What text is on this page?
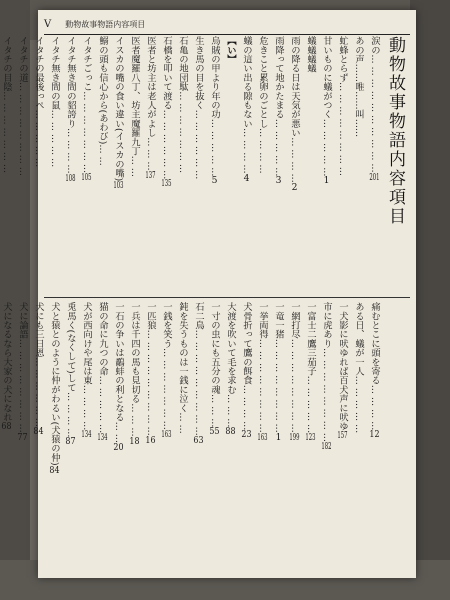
V 動物故事物語内容項目
動物故事物語内容項目
涙の… … … … … … … … … …201
あの声……唯……叫……
虻蜂とらず… … … … … … … …
甘いものに蟻がつく… … … … …1
蟻蟻蟻蟻
雨の降る日は天気が悪い… … … …2
雨降って地かたまる… … … … …3
危きこと累卵のごとし… … … …
蟻の這い出る隙もない… … … …4
【い】
烏賊の甲より年の功… … … … …5
生き馬の目を抜く… … … … … …
石亀の地団駄… … … … … … …
石橋を叩いて渡る… … … … … …135
医者と坊主は老人がよし… … …137
医者魔羅八丁、坊主魔羅九丁… …
イスカの嘴の食い違い(イスカの嘴)103
鰯の頭も信心から(あわび)… …
イタチごっこ… … … … … … …105
イタチ無き間の貂誇り… … … …108
イタチ無き間の鼠… … … … …
イタチの最後っぺ… … … … …
イタチの道… … … … … … … …
イタチの目陰… … … … … … …
痛むとこに頭を寄る… … … …12
ある日、蟻が一人… … … … …
一犬影に吠ゆれば百犬声に吠ゆ157
市に虎あり… … … … … … … …182
一富士二鷹三茄子… … … … …123
一網打尽… … … … … … … …199
一竜一猪… … … … … … … …1
一挙両得… … … … … … … …163
犬骨折って鷹の餌食… … … …23
大渡を吹いて毛を求む… … …88
一寸の虫にも五分の魂… … …55
石二鳥… … … … … … … … …63
鈍を失うものは一銭に泣く… …
一銭を笑う… … … … … … …163
一匹狼… … … … … … … … …16
一兵は千四の馬も見切る… … …18
一石の争いは鷸蚌の利となる… …20
猫の命に九つの命… … … … …134
犬が西向けや尾は東… … … …134
兎馬く(なくして)して… … … …87
犬と猿とのように仲がわるい(犬猿の仲)84
犬にも三日恩… … … … … …84
犬に論語… … … … … … … …77
犬になるなら大家の犬になれ68
